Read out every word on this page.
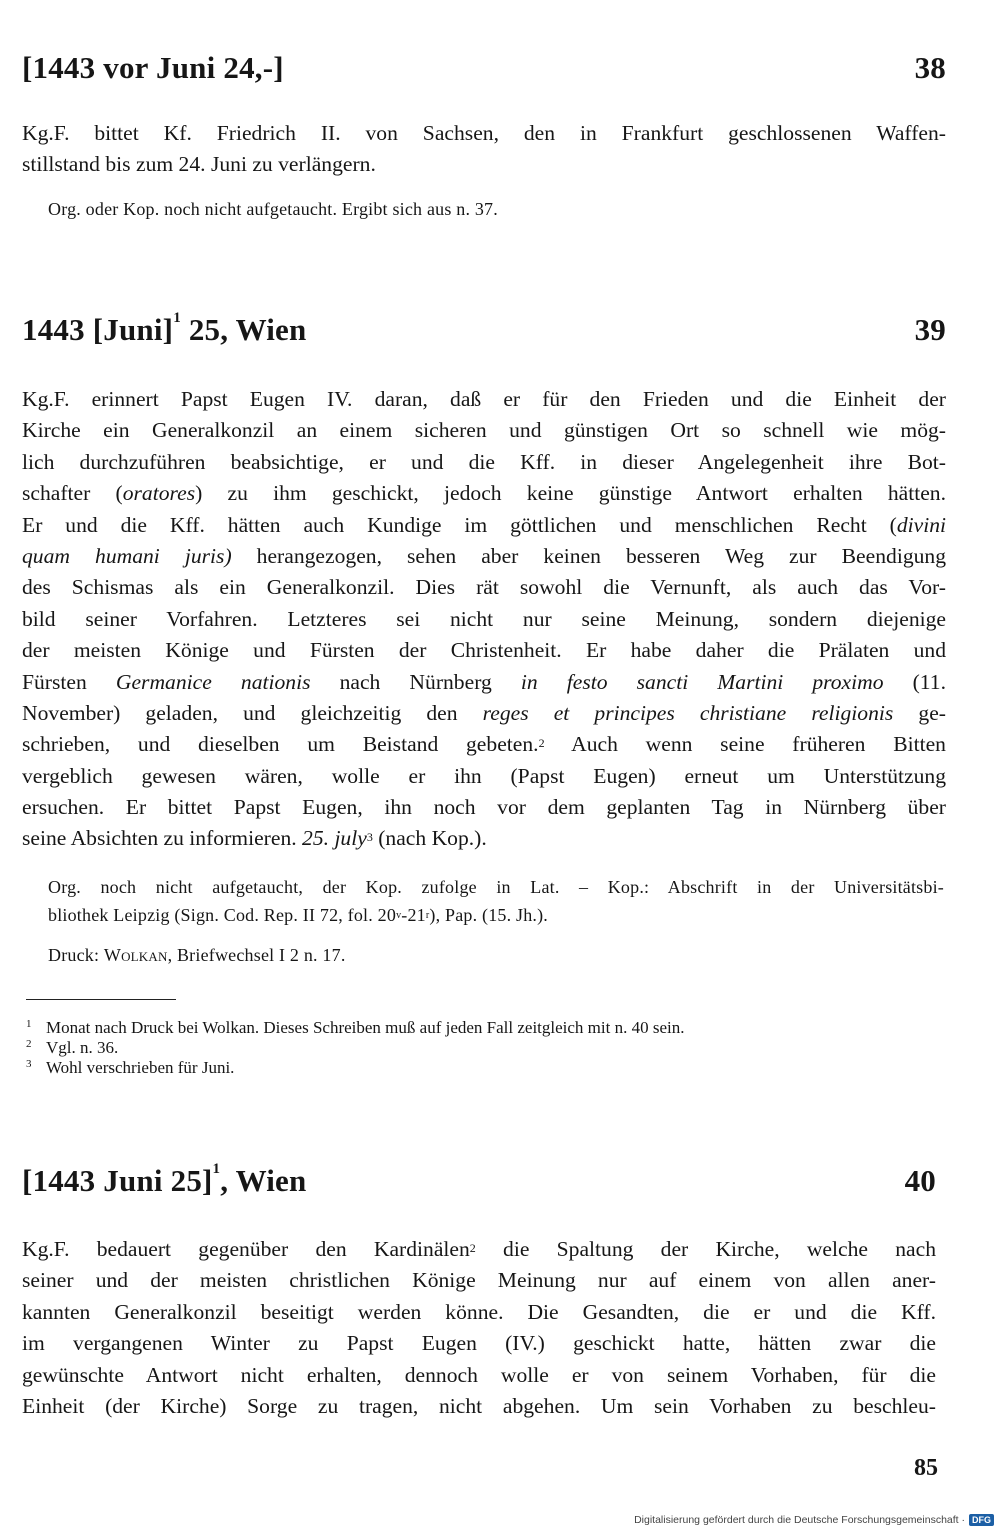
[1443 vor Juni 24,-]	38
Kg.F. bittet Kf. Friedrich II. von Sachsen, den in Frankfurt geschlossenen Waffen-
stillstand bis zum 24. Juni zu verlängern.
Org. oder Kop. noch nicht aufgetaucht. Ergibt sich aus n. 37.
1443 [Juni]$^1$ 25, Wien	39
Kg.F. erinnert Papst Eugen IV. daran, daß er für den Frieden und die Einheit der
Kirche ein Generalkonzil an einem sicheren und günstigen Ort so schnell wie mög-
lich durchzuführen beabsichtige, er und die Kff. in dieser Angelegenheit ihre Bot-
schafter (oratores) zu ihm geschickt, jedoch keine günstige Antwort erhalten hätten.
Er und die Kff. hätten auch Kundige im göttlichen und menschlichen Recht (divini
quam humani juris) herangezogen, sehen aber keinen besseren Weg zur Beendigung
des Schismas als ein Generalkonzil. Dies rät sowohl die Vernunft, als auch das Vor-
bild seiner Vorfahren. Letzteres sei nicht nur seine Meinung, sondern diejenige
der meisten Könige und Fürsten der Christenheit. Er habe daher die Prälaten und
Fürsten Germanice nationis nach Nürnberg in festo sancti Martini proximo (11.
November) geladen, und gleichzeitig den reges et principes christiane religionis ge-
schrieben, und dieselben um Beistand gebeten.$^2$ Auch wenn seine früheren Bitten
vergeblich gewesen wären, wolle er ihn (Papst Eugen) erneut um Unterstützung
ersuchen. Er bittet Papst Eugen, ihn noch vor dem geplanten Tag in Nürnberg über
seine Absichten zu informieren. 25. july$^3$ (nach Kop.).
Org. noch nicht aufgetaucht, der Kop. zufolge in Lat. – Kop.: Abschrift in der Universitätsbi-
bliothek Leipzig (Sign. Cod. Rep. II 72, fol. 20$^v$-21$^r$), Pap. (15. Jh.).
Druck: Wolkan, Briefwechsel I 2 n. 17.
1 Monat nach Druck bei Wolkan. Dieses Schreiben muß auf jeden Fall zeitgleich mit n. 40 sein.
2 Vgl. n. 36.
3 Wohl verschrieben für Juni.
[1443 Juni 25]$^1$, Wien	40
Kg.F. bedauert gegenüber den Kardinälen$^2$ die Spaltung der Kirche, welche nach
seiner und der meisten christlichen Könige Meinung nur auf einem von allen aner-
kannten Generalkonzil beseitigt werden könne. Die Gesandten, die er und die Kff.
im vergangenen Winter zu Papst Eugen (IV.) geschickt hatte, hätten zwar die
gewünschte Antwort nicht erhalten, dennoch wolle er von seinem Vorhaben, für die
Einheit (der Kirche) Sorge zu tragen, nicht abgehen. Um sein Vorhaben zu beschleu-
85
Digitalisierung gefördert durch die Deutsche Forschungsgemeinschaft · DFG
